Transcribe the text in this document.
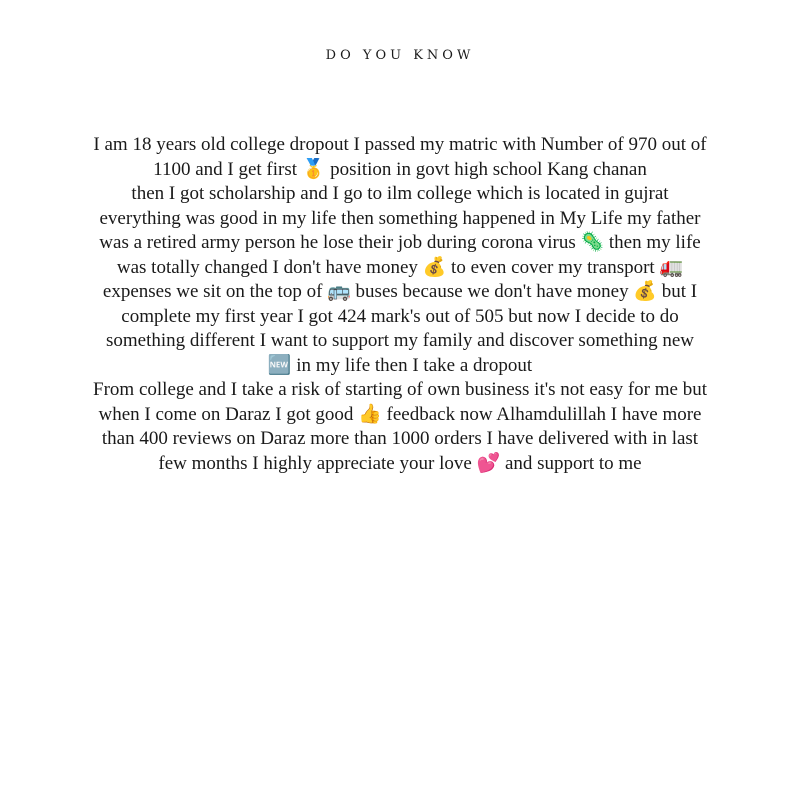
DO YOU KNOW
I am 18 years old college dropout I passed my matric with Number of 970 out of 1100 and I get first 🥇 position in govt high school Kang chanan
then I got scholarship and I go to ilm college which is located in gujrat everything was good in my life then something happened in My Life my father was a retired army person he lose their job during corona virus 🦠 then my life was totally changed I don't have money 💰 to even cover my transport 🚛 expenses we sit on the top of 🚌 buses because we don't have money 💰 but I complete my first year I got 424 mark's out of 505 but now I decide to do something different I want to support my family and discover something new 🆕 in my life then I take a dropout
From college and I take a risk of starting of own business it's not easy for me but when I come on Daraz I got good 👍 feedback now Alhamdulillah I have more than 400 reviews on Daraz more than 1000 orders I have delivered with in last few months I highly appreciate your love 💕 and support to me
